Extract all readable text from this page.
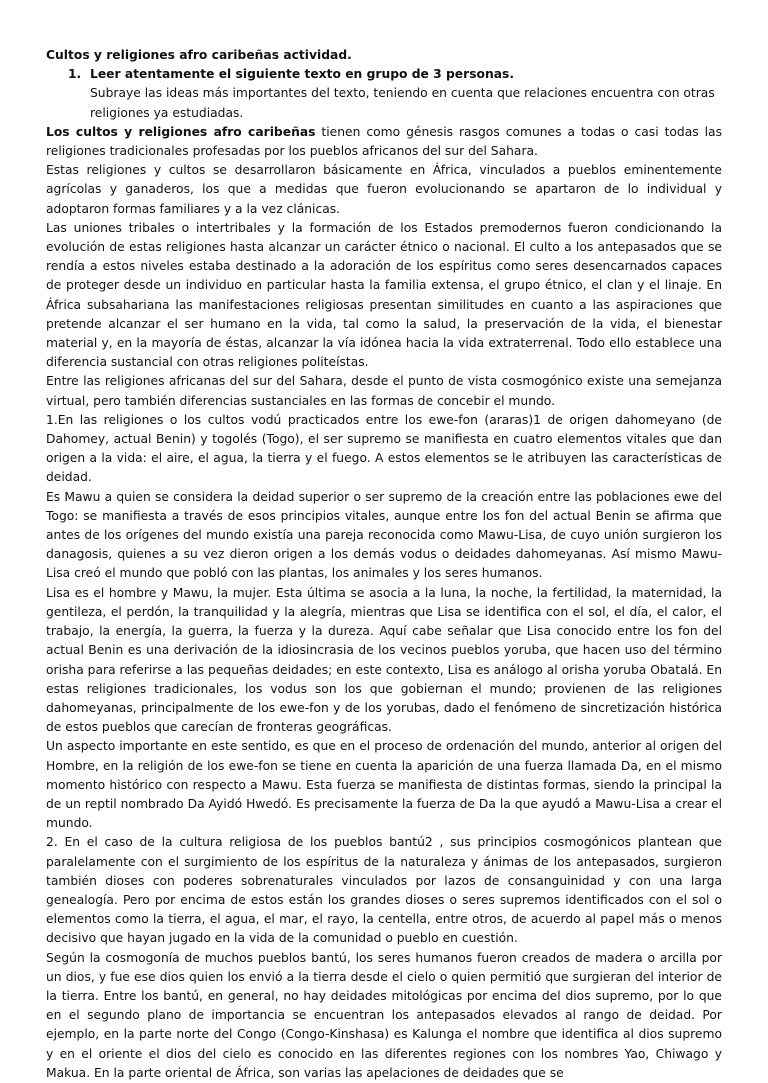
Cultos y religiones afro caribeñas actividad.

1. Leer atentamente el siguiente texto en grupo de 3 personas.
Subraye las ideas más importantes del texto, teniendo en cuenta que relaciones encuentra con otras religiones ya estudiadas.

Los cultos y religiones afro caribeñas tienen como génesis rasgos comunes a todas o casi todas las religiones tradicionales profesadas por los pueblos africanos del sur del Sahara.

Estas religiones y cultos se desarrollaron básicamente en África, vinculados a pueblos eminentemente agrícolas y ganaderos, los que a medidas que fueron evolucionando se apartaron de lo individual y adoptaron formas familiares y a la vez clánicas.

Las uniones tribales o intertribales y la formación de los Estados premodernos fueron condicionando la evolución de estas religiones hasta alcanzar un carácter étnico o nacional. El culto a los antepasados que se rendía a estos niveles estaba destinado a la adoración de los espíritus como seres desencarnados capaces de proteger desde un individuo en particular hasta la familia extensa, el grupo étnico, el clan y el linaje. En África subsahariana las manifestaciones religiosas presentan similitudes en cuanto a las aspiraciones que pretende alcanzar el ser humano en la vida, tal como la salud, la preservación de la vida, el bienestar material y, en la mayoría de éstas, alcanzar la vía idónea hacia la vida extraterrenal. Todo ello establece una diferencia sustancial con otras religiones politeístas.

Entre las religiones africanas del sur del Sahara, desde el punto de vista cosmogónico existe una semejanza virtual, pero también diferencias sustanciales en las formas de concebir el mundo.

1.En las religiones o los cultos vodú practicados entre los ewe-fon (araras)1 de origen dahomeyano (de Dahomey, actual Benin) y togolés (Togo), el ser supremo se manifiesta en cuatro elementos vitales que dan origen a la vida: el aire, el agua, la tierra y el fuego. A estos elementos se le atribuyen las características de deidad.

Es Mawu a quien se considera la deidad superior o ser supremo de la creación entre las poblaciones ewe del Togo: se manifiesta a través de esos principios vitales, aunque entre los fon del actual Benin se afirma que antes de los orígenes del mundo existía una pareja reconocida como Mawu-Lisa, de cuyo unión surgieron los danagosis, quienes a su vez dieron origen a los demás vodus o deidades dahomeyanas. Así mismo Mawu-Lisa creó el mundo que pobló con las plantas, los animales y los seres humanos.

Lisa es el hombre y Mawu, la mujer. Esta última se asocia a la luna, la noche, la fertilidad, la maternidad, la gentileza, el perdón, la tranquilidad y la alegría, mientras que Lisa se identifica con el sol, el día, el calor, el trabajo, la energía, la guerra, la fuerza y la dureza. Aquí cabe señalar que Lisa conocido entre los fon del actual Benin es una derivación de la idiosincrasia de los vecinos pueblos yoruba, que hacen uso del término orisha para referirse a las pequeñas deidades; en este contexto, Lisa es análogo al orisha yoruba Obatalá. En estas religiones tradicionales, los vodus son los que gobiernan el mundo; provienen de las religiones dahomeyanas, principalmente de los ewe-fon y de los yorubas, dado el fenómeno de sincretización histórica de estos pueblos que carecían de fronteras geográficas.

Un aspecto importante en este sentido, es que en el proceso de ordenación del mundo, anterior al origen del Hombre, en la religión de los ewe-fon se tiene en cuenta la aparición de una fuerza llamada Da, en el mismo momento histórico con respecto a Mawu. Esta fuerza se manifiesta de distintas formas, siendo la principal la de un reptil nombrado Da Ayidó Hwedó. Es precisamente la fuerza de Da la que ayudó a Mawu-Lisa a crear el mundo.

2. En el caso de la cultura religiosa de los pueblos bantú2 , sus principios cosmogónicos plantean que paralelamente con el surgimiento de los espíritus de la naturaleza y ánimas de los antepasados, surgieron también dioses con poderes sobrenaturales vinculados por lazos de consanguinidad y con una larga genealogía. Pero por encima de estos están los grandes dioses o seres supremos identificados con el sol o elementos como la tierra, el agua, el mar, el rayo, la centella, entre otros, de acuerdo al papel más o menos decisivo que hayan jugado en la vida de la comunidad o pueblo en cuestión.

Según la cosmogonía de muchos pueblos bantú, los seres humanos fueron creados de madera o arcilla por un dios, y fue ese dios quien los envió a la tierra desde el cielo o quien permitió que surgieran del interior de la tierra. Entre los bantú, en general, no hay deidades mitológicas por encima del dios supremo, por lo que en el segundo plano de importancia se encuentran los antepasados elevados al rango de deidad. Por ejemplo, en la parte norte del Congo (Congo-Kinshasa) es Kalunga el nombre que identifica al dios supremo y en el oriente el dios del cielo es conocido en las diferentes regiones con los nombres Yao, Chiwago y Makua. En la parte oriental de África, son varias las apelaciones de deidades que se
